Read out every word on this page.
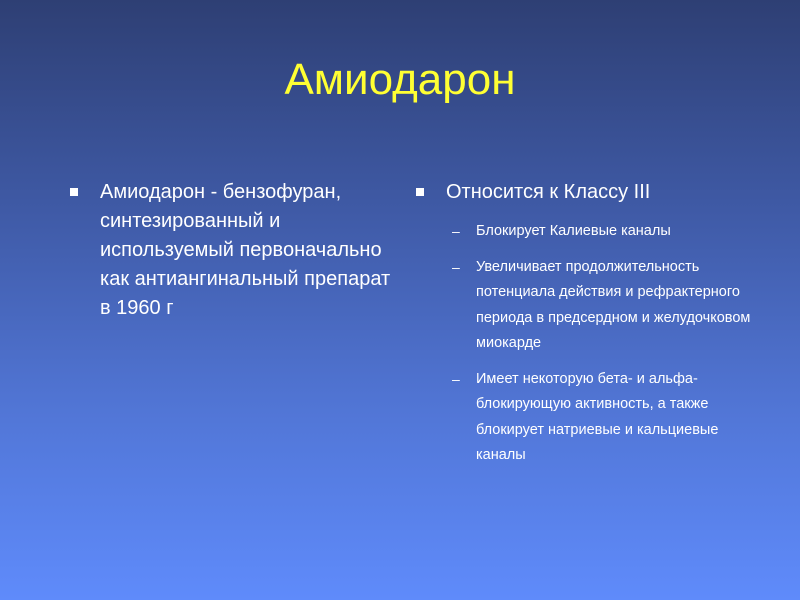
Амиодарон
Амиодарон - бензофуран, синтезированный и используемый первоначально как антиангинальный препарат в 1960 г
Относится к Классу III
– Блокирует Калиевые каналы
– Увеличивает продолжительность потенциала действия и рефрактерного периода в предсердном и желудочковом миокарде
– Имеет некоторую бета- и альфа-блокирующую активность, а также блокирует натриевые и кальциевые каналы
